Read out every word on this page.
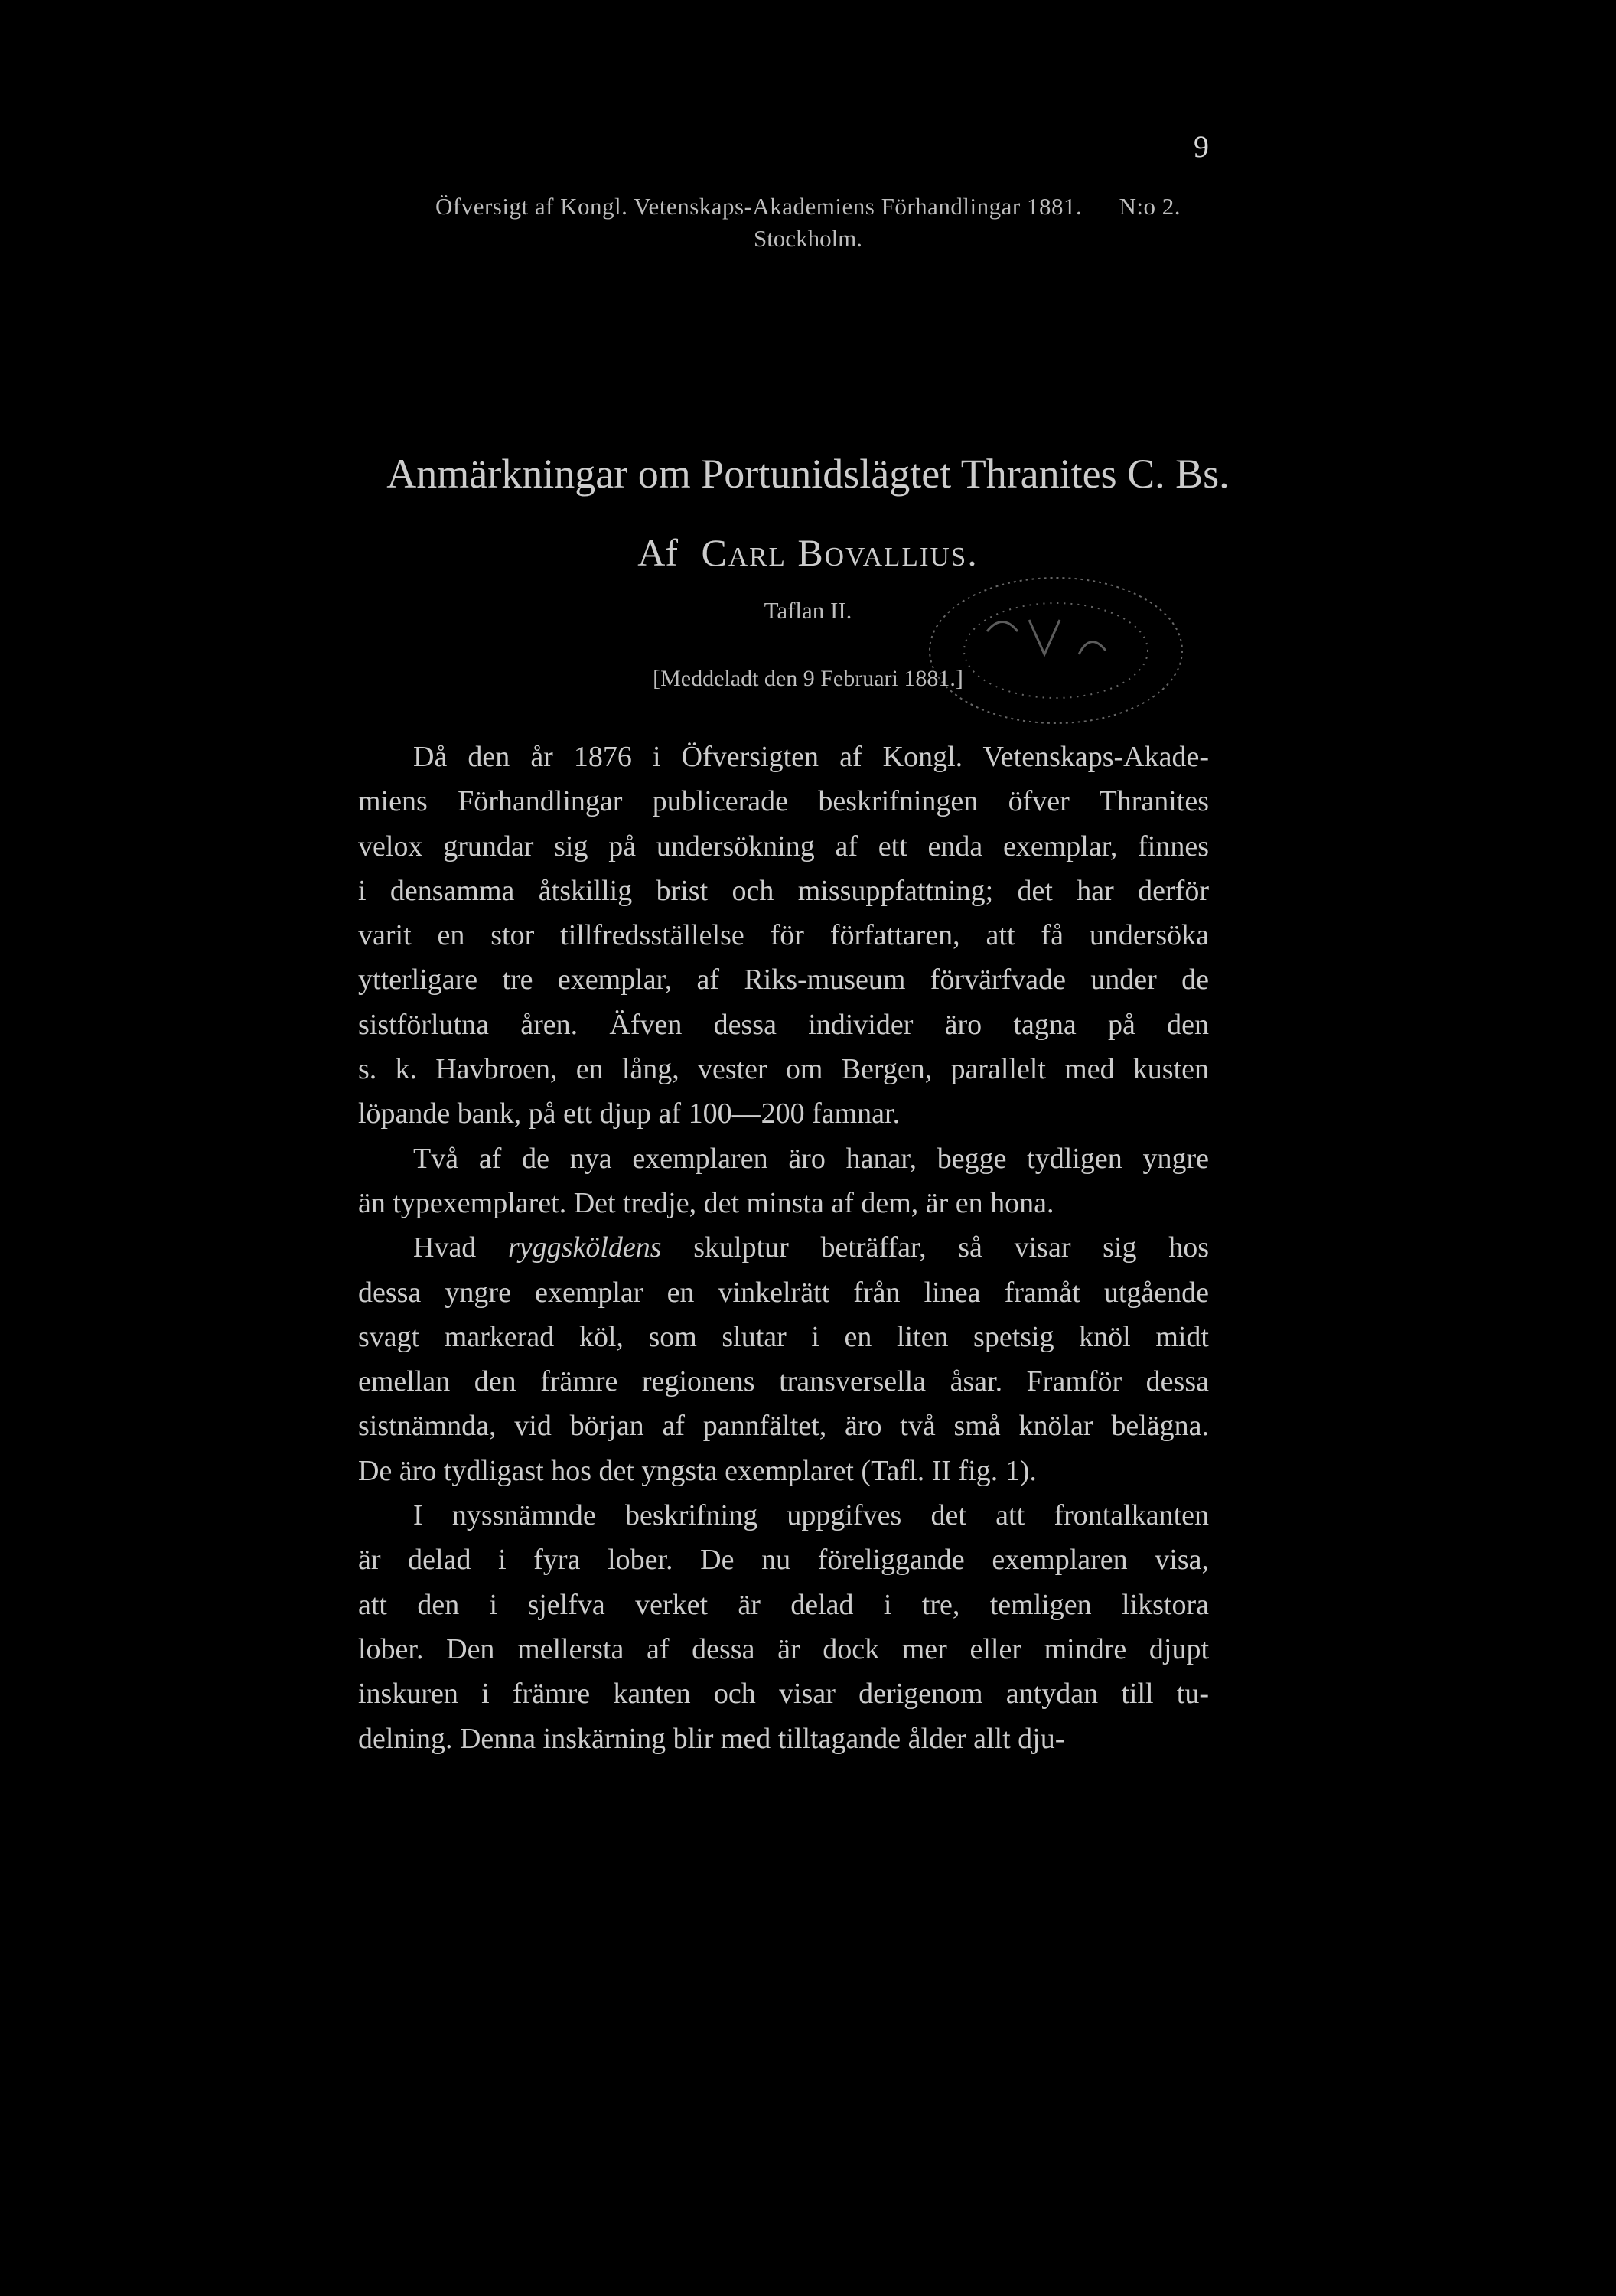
9
Öfversigt af Kongl. Vetenskaps-Akademiens Förhandlingar 1881. N:o 2.
Stockholm.
Anmärkningar om Portunidslägtet Thranites C. Bs.
Af Carl Bovallius.
Taflan II.
[Meddeladt den 9 Februari 1881.]

Då den år 1876 i Öfversigten af Kongl. Vetenskaps-Akade-

miens Förhandlingar publicerade beskrifningen öfver Thranites

velox grundar sig på undersökning af ett enda exemplar, finnes

i densamma åtskillig brist och missuppfattning; det har derför

varit en stor tillfredsställelse för författaren, att få undersöka

ytterligare tre exemplar, af Riks-museum förvärfvade under de

sistförlutna åren. Äfven dessa individer äro tagna på den

s. k. Havbroen, en lång, vester om Bergen, parallelt med kusten

löpande bank, på ett djup af 100—200 famnar.

Två af de nya exemplaren äro hanar, begge tydligen yngre

än typexemplaret. Det tredje, det minsta af dem, är en hona.

Hvad ryggsköldens skulptur beträffar, så visar sig hos

dessa yngre exemplar en vinkelrätt från linea framåt utgående

svagt markerad köl, som slutar i en liten spetsig knöl midt

emellan den främre regionens transversella åsar. Framför dessa

sistnämnda, vid början af pannfältet, äro två små knölar belägna.

De äro tydligast hos det yngsta exemplaret (Tafl. II fig. 1).

I nyssnämnde beskrifning uppgifves det att frontalkanten

är delad i fyra lober. De nu föreliggande exemplaren visa,

att den i sjelfva verket är delad i tre, temligen likstora

lober. Den mellersta af dessa är dock mer eller mindre djupt

inskuren i främre kanten och visar derigenom antydan till tu-

delning. Denna inskärning blir med tilltagande ålder allt dju-
